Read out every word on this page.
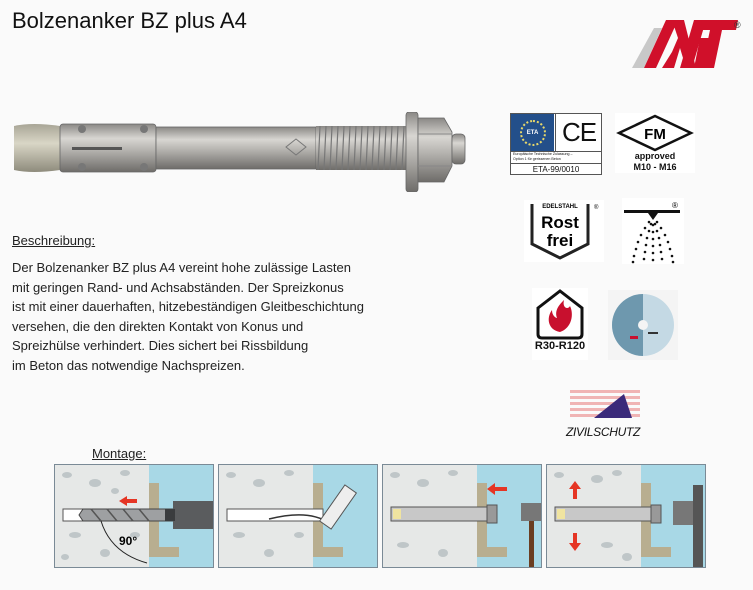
Bolzenanker BZ plus A4	®
Beschreibung:

Der Bolzenanker BZ plus A4 vereint hohe zulässige Lasten

mit geringen Rand- und Achsabständen. Der Spreizkonus

ist mit einer dauerhaften, hitzebeständigen Gleitbeschichtung

versehen, die den direkten Kontakt von Konus und

Spreizhülse verhindert. Dies sichert bei Rissbildung

im Beton das notwendige Nachspreizen.

ETA CE
Europäische Technische Zulassung –
Option 1 für gerissenen Beton
ETA-99/0010
FM
approved
M10 - M16
EDELSTAHL	®
Rost
frei
®
R30-R120
ZIVILSCHUTZ
Montage:
90°
